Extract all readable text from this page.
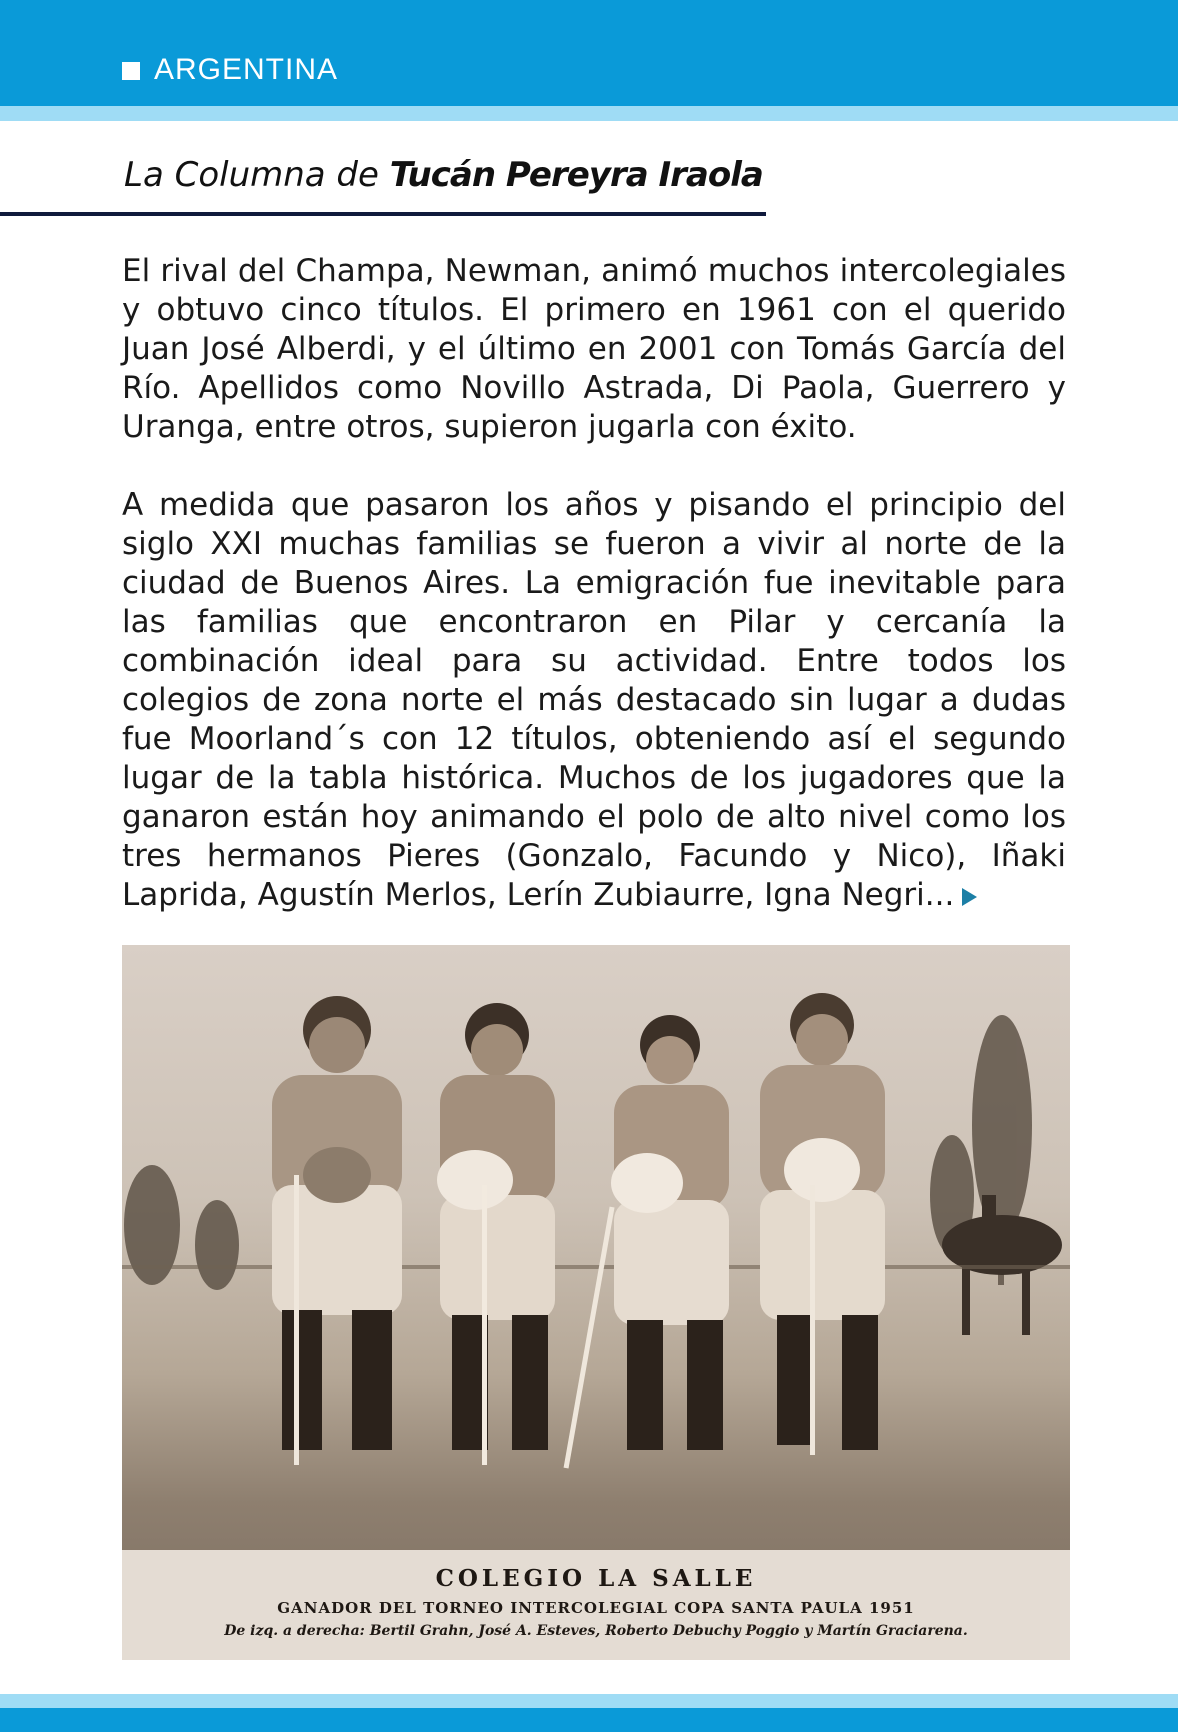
ARGENTINA
La Columna de Tucán Pereyra Iraola

El rival del Champa, Newman, animó muchos intercolegiales y obtuvo cinco títulos. El primero en 1961 con el querido Juan José Alberdi, y el último en 2001 con Tomás García del Río. Apellidos como Novillo Astrada, Di Paola, Guerrero y Uranga, entre otros, supieron jugarla con éxito.

A medida que pasaron los años y pisando el principio del siglo XXI muchas familias se fueron a vivir al norte de la ciudad de Buenos Aires. La emigración fue inevitable para las familias que encontraron en Pilar y cercanía la combinación ideal para su actividad. Entre todos los colegios de zona norte el más destacado sin lugar a dudas fue Moorland´s con 12 títulos, obteniendo así el segundo lugar de la tabla histórica. Muchos de los jugadores que la ganaron están hoy animando el polo de alto nivel como los tres hermanos Pieres (Gonzalo, Facundo y Nico), Iñaki Laprida, Agustín Merlos, Lerín Zubiaurre, Igna Negri...

COLEGIO LA SALLE
GANADOR DEL TORNEO INTERCOLEGIAL COPA SANTA PAULA 1951
De izq. a derecha: Bertil Grahn, José A. Esteves, Roberto Debuchy Poggio y Martín Graciarena.
